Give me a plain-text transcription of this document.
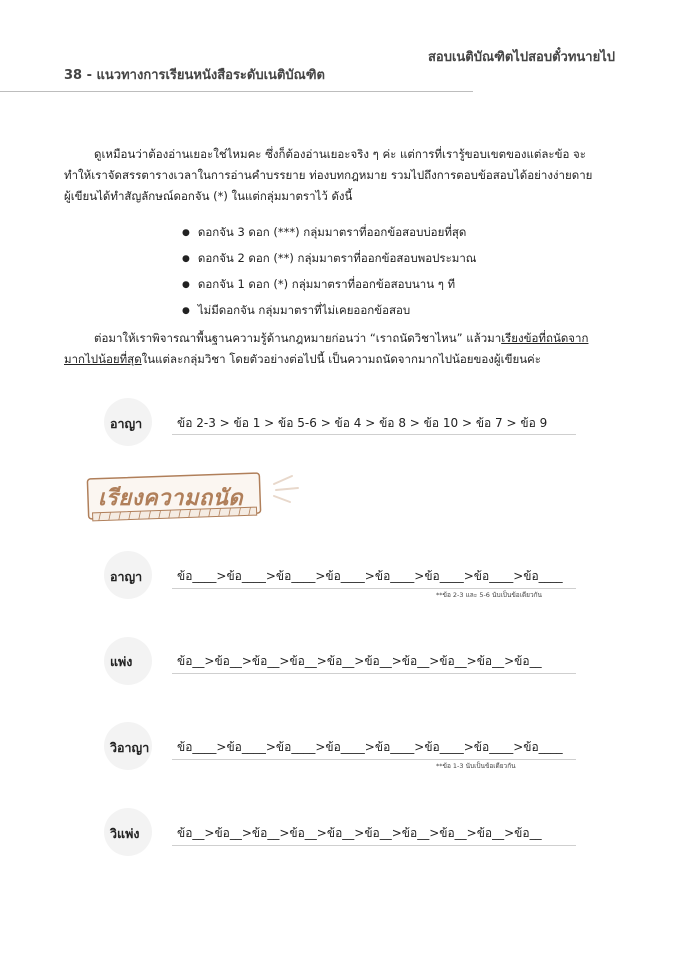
สอบเนติบัณฑิตไปสอบตั๋วทนายไป
38 - แนวทางการเรียนหนังสือระดับเนติบัณฑิต
ดูเหมือนว่าต้องอ่านเยอะใช่ไหมคะ ซึ่งก็ต้องอ่านเยอะจริง ๆ ค่ะ แต่การที่เรารู้ขอบเขตของแต่ละข้อ จะ
ทำให้เราจัดสรรตารางเวลาในการอ่านคำบรรยาย ท่องบทกฎหมาย รวมไปถึงการตอบข้อสอบได้อย่างง่ายดาย
ผู้เขียนได้ทำสัญลักษณ์ดอกจัน (*) ในแต่กลุ่มมาตราไว้ ดังนี้
● ดอกจัน 3 ดอก (***) กลุ่มมาตราที่ออกข้อสอบบ่อยที่สุด
● ดอกจัน 2 ดอก (**) กลุ่มมาตราที่ออกข้อสอบพอประมาณ
● ดอกจัน 1 ดอก (*) กลุ่มมาตราที่ออกข้อสอบนาน ๆ ที
● ไม่มีดอกจัน กลุ่มมาตราที่ไม่เคยออกข้อสอบ
ต่อมาให้เราพิจารณาพื้นฐานความรู้ด้านกฎหมายก่อนว่า “เราถนัดวิชาไหน” แล้วมาเรียงข้อที่ถนัดจาก
มากไปน้อยที่สุดในแต่ละกลุ่มวิชา โดยตัวอย่างต่อไปนี้ เป็นความถนัดจากมากไปน้อยของผู้เขียนค่ะ
อาญา	ข้อ 2-3 > ข้อ 1 > ข้อ 5-6 > ข้อ 4 > ข้อ 8 > ข้อ 10 > ข้อ 7 > ข้อ 9
เรียงความถนัด
อาญา	ข้อ____>ข้อ____>ข้อ____>ข้อ____>ข้อ____>ข้อ____>ข้อ____>ข้อ____
**ข้อ 2-3 และ 5-6 นับเป็นข้อเดียวกัน
แพ่ง	ข้อ__>ข้อ__>ข้อ__>ข้อ__>ข้อ__>ข้อ__>ข้อ__>ข้อ__>ข้อ__>ข้อ__
วิอาญา ข้อ____>ข้อ____>ข้อ____>ข้อ____>ข้อ____>ข้อ____>ข้อ____>ข้อ____
**ข้อ 1-3 นับเป็นข้อเดียวกัน
วิแพ่ง	ข้อ__>ข้อ__>ข้อ__>ข้อ__>ข้อ__>ข้อ__>ข้อ__>ข้อ__>ข้อ__>ข้อ__
